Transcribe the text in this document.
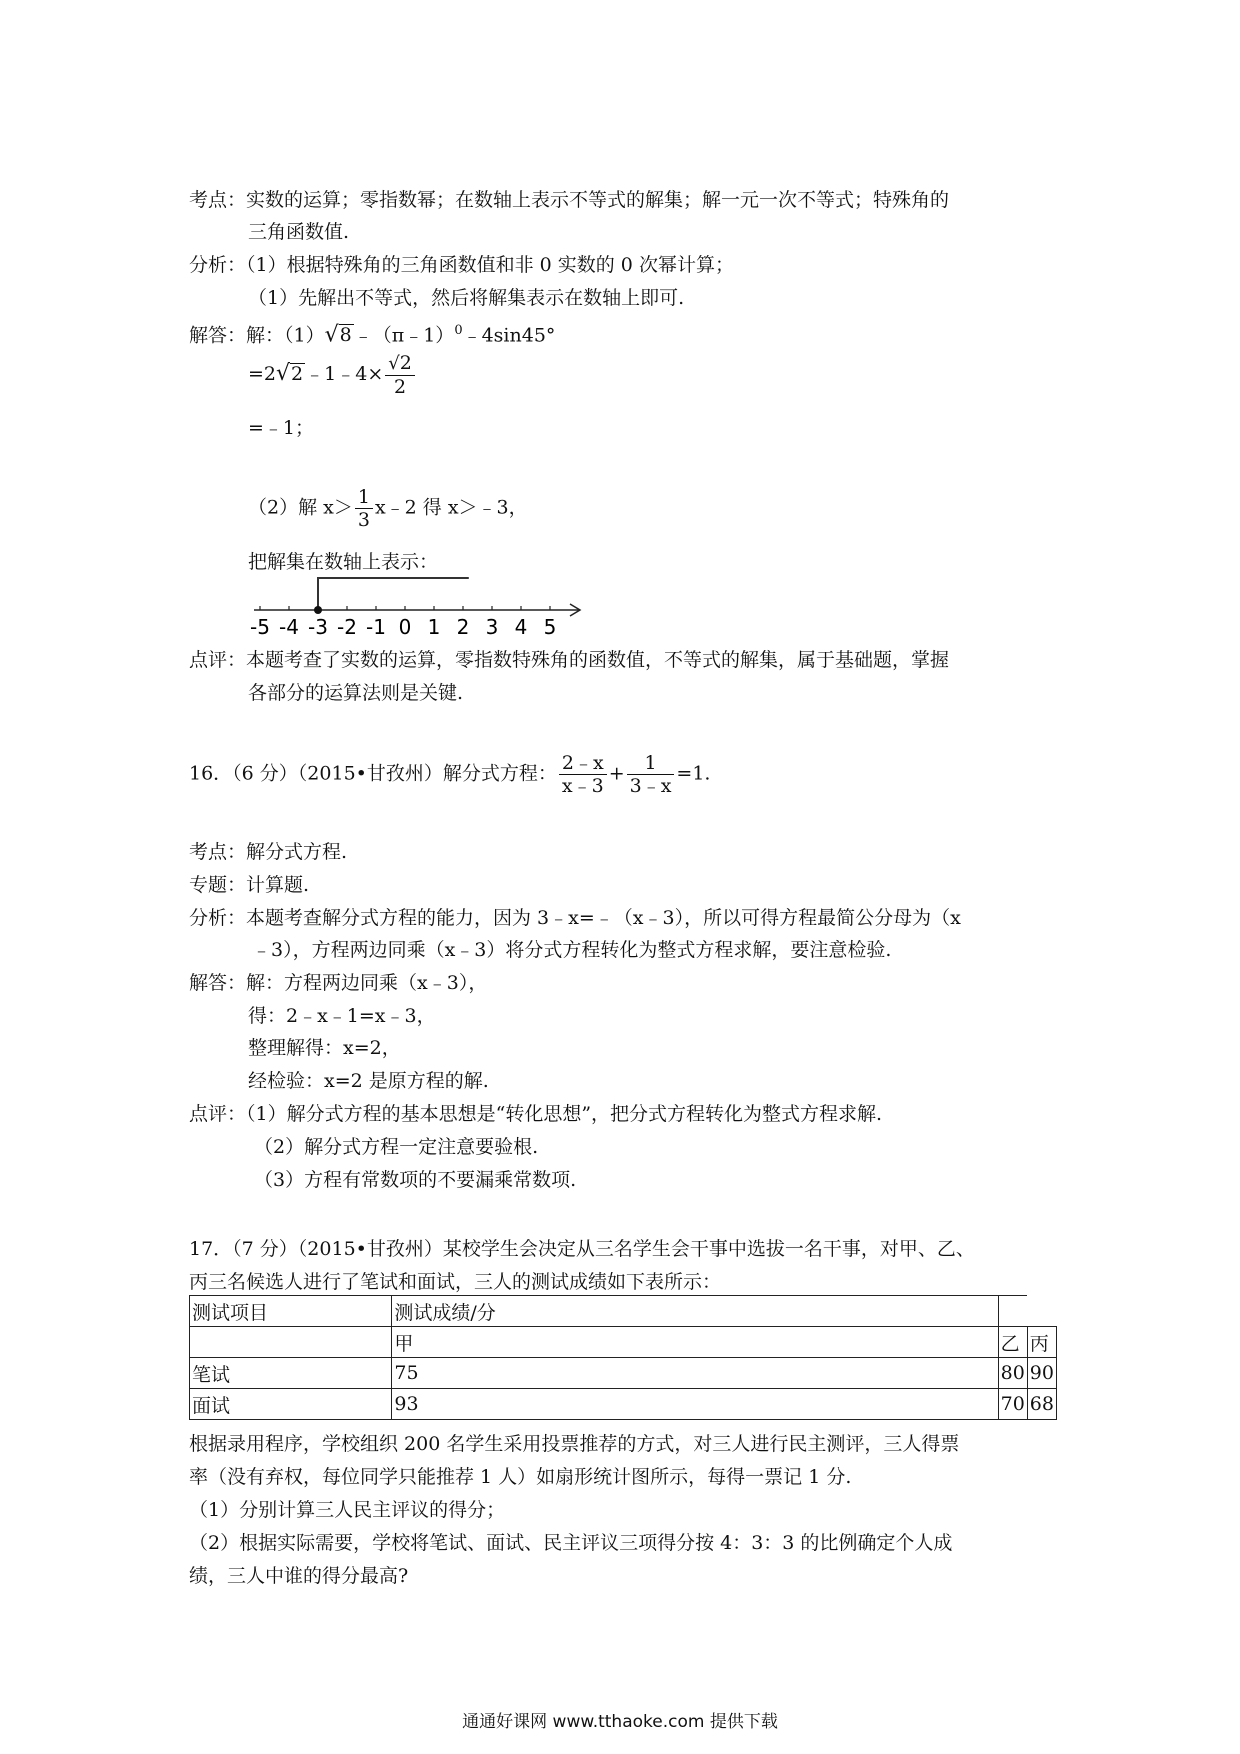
考点：实数的运算；零指数幂；在数轴上表示不等式的解集；解一元一次不等式；特殊角的
三角函数值.
分析：（1）根据特殊角的三角函数值和非 0 实数的 0 次幂计算；
（1）先解出不等式，然后将解集表示在数轴上即可.
解答：解：（1）√8 ﹣（π﹣1）$^0$﹣4sin45°
=2√2 ﹣1﹣4× $\frac{√2}{2}$
=﹣1；
（2）解 $x> \frac{1}{3}$ x﹣2 得 x＞﹣3，
把解集在数轴上表示：
-5 -4 -3 -2 -1 0 1 2 3 4 5
点评：本题考查了实数的运算，零指数特殊角的函数值，不等式的解集，属于基础题，掌握
各部分的运算法则是关键.
16．（6 分）（2015•甘孜州）解分式方程： $\frac{2﹣x}{x﹣3} + \frac{1}{3﹣x} =1$.
考点：解分式方程.
专题：计算题.
分析：本题考查解分式方程的能力，因为 3﹣x=﹣（x﹣3），所以可得方程最简公分母为（x
﹣3），方程两边同乘（x﹣3）将分式方程转化为整式方程求解，要注意检验.
解答：解：方程两边同乘（x﹣3），
得：2﹣x﹣1=x﹣3，
整理解得：x=2，
经检验：x=2 是原方程的解.
点评：（1）解分式方程的基本思想是“转化思想”，把分式方程转化为整式方程求解.
（2）解分式方程一定注意要验根.
（3）方程有常数项的不要漏乘常数项.
17．（7 分）（2015•甘孜州）某校学生会决定从三名学生会干事中选拔一名干事，对甲、乙、
丙三名候选人进行了笔试和面试，三人的测试成绩如下表所示：
测试项目	测试成绩/分		
	甲	乙	丙
笔试	75	80	90
面试	93	70	68
根据录用程序，学校组织 200 名学生采用投票推荐的方式，对三人进行民主测评，三人得票
率（没有弃权，每位同学只能推荐 1 人）如扇形统计图所示，每得一票记 1 分.
（1）分别计算三人民主评议的得分；
（2）根据实际需要，学校将笔试、面试、民主评议三项得分按 4：3：3 的比例确定个人成
绩，三人中谁的得分最高?
通通好课网 www.tthaoke.com 提供下载
